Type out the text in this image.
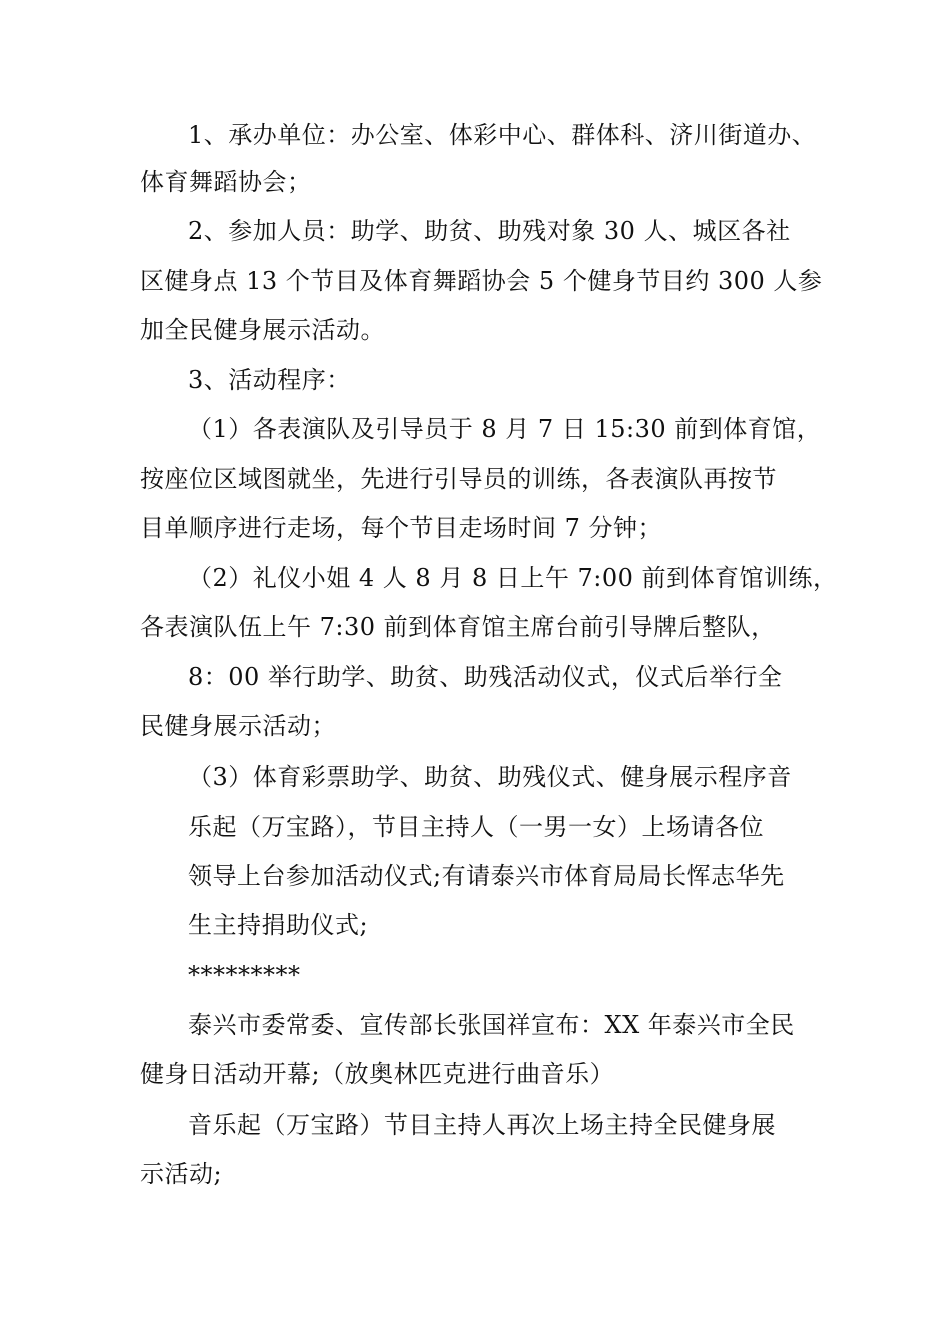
1、承办单位：办公室、体彩中心、群体科、济川街道办、
体育舞蹈协会；
2、参加人员：助学、助贫、助残对象 30 人、城区各社
区健身点 13 个节目及体育舞蹈协会 5 个健身节目约 300 人参
加全民健身展示活动。
3、活动程序：
（1）各表演队及引导员于 8 月 7 日 15:30 前到体育馆，
按座位区域图就坐，先进行引导员的训练，各表演队再按节
目单顺序进行走场，每个节目走场时间 7 分钟；
（2）礼仪小姐 4 人 8 月 8 日上午 7:00 前到体育馆训练，
各表演队伍上午 7:30 前到体育馆主席台前引导牌后整队，
8：00 举行助学、助贫、助残活动仪式，仪式后举行全
民健身展示活动；
（3）体育彩票助学、助贫、助残仪式、健身展示程序音
乐起（万宝路），节目主持人（一男一女）上场请各位
领导上台参加活动仪式;有请泰兴市体育局局长恽志华先
生主持捐助仪式;
*********
泰兴市委常委、宣传部长张国祥宣布：XX 年泰兴市全民
健身日活动开幕;（放奥林匹克进行曲音乐）
音乐起（万宝路）节目主持人再次上场主持全民健身展
示活动;
